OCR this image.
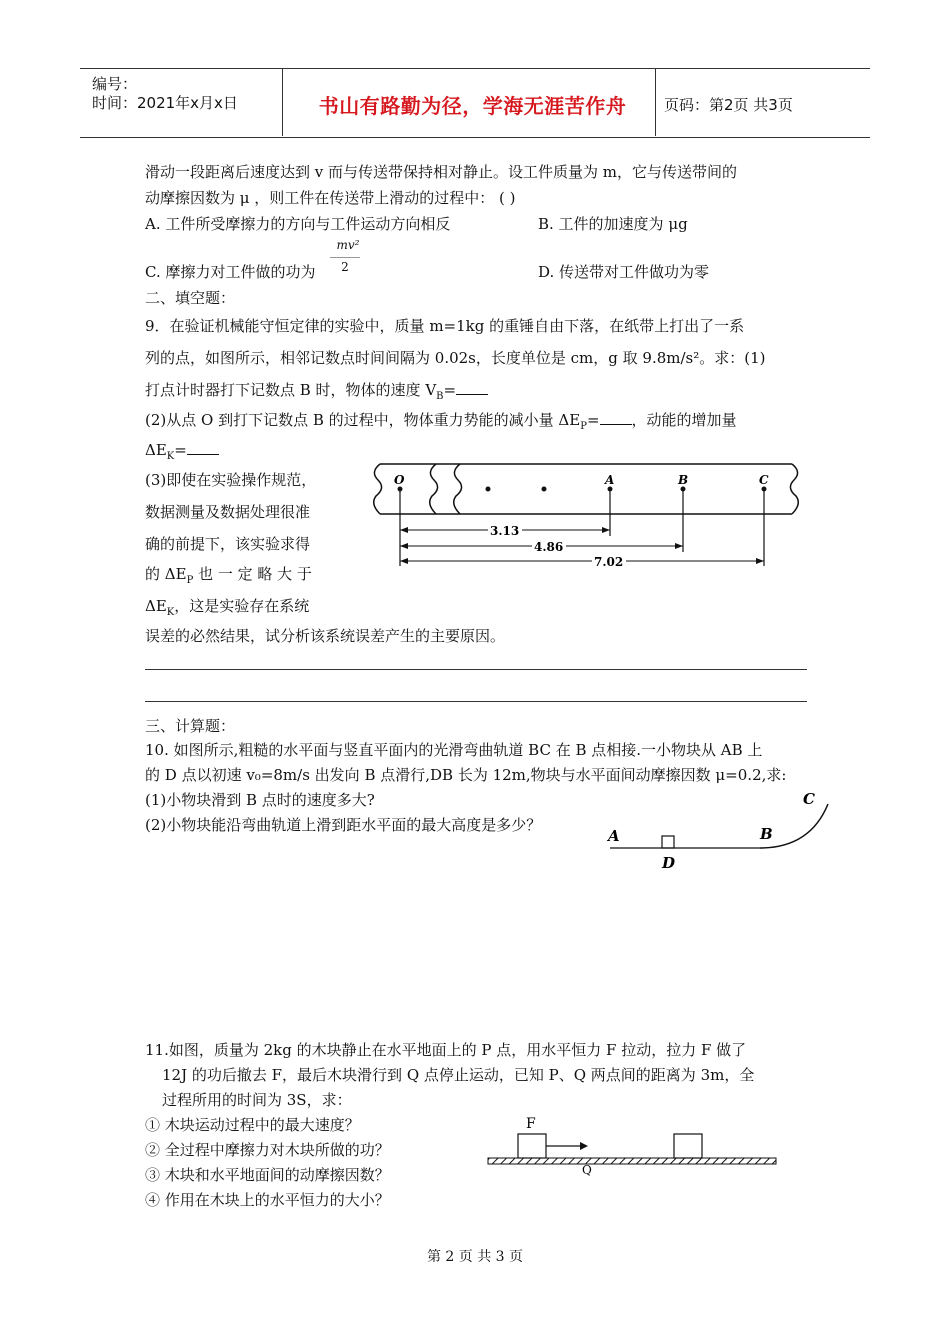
编号：
时间：2021年x月x日	书山有路勤为径，学海无涯苦作舟	页码：第2页 共3页
滑动一段距离后速度达到 v 而与传送带保持相对静止。设工件质量为 m，它与传送带间的
动摩擦因数为 μ ，则工件在传送带上滑动的过程中： ( )
A. 工件所受摩擦力的方向与工件运动方向相反	B. 工件的加速度为 μg
C. 摩擦力对工件做的功为
mv²
2	D. 传送带对工件做功为零
二、填空题：
9．在验证机械能守恒定律的实验中，质量 m=1kg 的重锤自由下落，在纸带上打出了一系
列的点，如图所示，相邻记数点时间间隔为 0.02s，长度单位是 cm，g 取 9.8m/s²。求：(1)
打点计时器打下记数点 B 时，物体的速度 $V_B=$
(2)从点 O 到打下记数点 B 的过程中，物体重力势能的减小量 $\Delta E_P=$ ，动能的增加量
$\Delta E_K=$
(3)即使在实验操作规范，
数据测量及数据处理很准
确的前提下，该实验求得
的 $\Delta E_P$ 也 一 定 略 大 于
$\Delta E_K$，这是实验存在系统
误差的必然结果，试分析该系统误差产生的主要原因。
O	A	B	C
3.13
4.86
7.02
三、计算题：
10. 如图所示,粗糙的水平面与竖直平面内的光滑弯曲轨道 BC 在 B 点相接.一小物块从 AB 上
的 D 点以初速 v₀=8m/s 出发向 B 点滑行,DB 长为 12m,物块与水平面间动摩擦因数 μ=0.2,求:
(1)小物块滑到 B 点时的速度多大?
(2)小物块能沿弯曲轨道上滑到距水平面的最大高度是多少？
A	B
C
D
11.如图，质量为 2kg 的木块静止在水平地面上的 P 点，用水平恒力 F 拉动，拉力 F 做了
12J 的功后撤去 F，最后木块滑行到 Q 点停止运动，已知 P、Q 两点间的距离为 3m，全
过程所用的时间为 3S，求：
① 木块运动过程中的最大速度？
② 全过程中摩擦力对木块所做的功？
③ 木块和水平地面间的动摩擦因数？
④ 作用在木块上的水平恒力的大小？
F
Q
第 2 页 共 3 页
